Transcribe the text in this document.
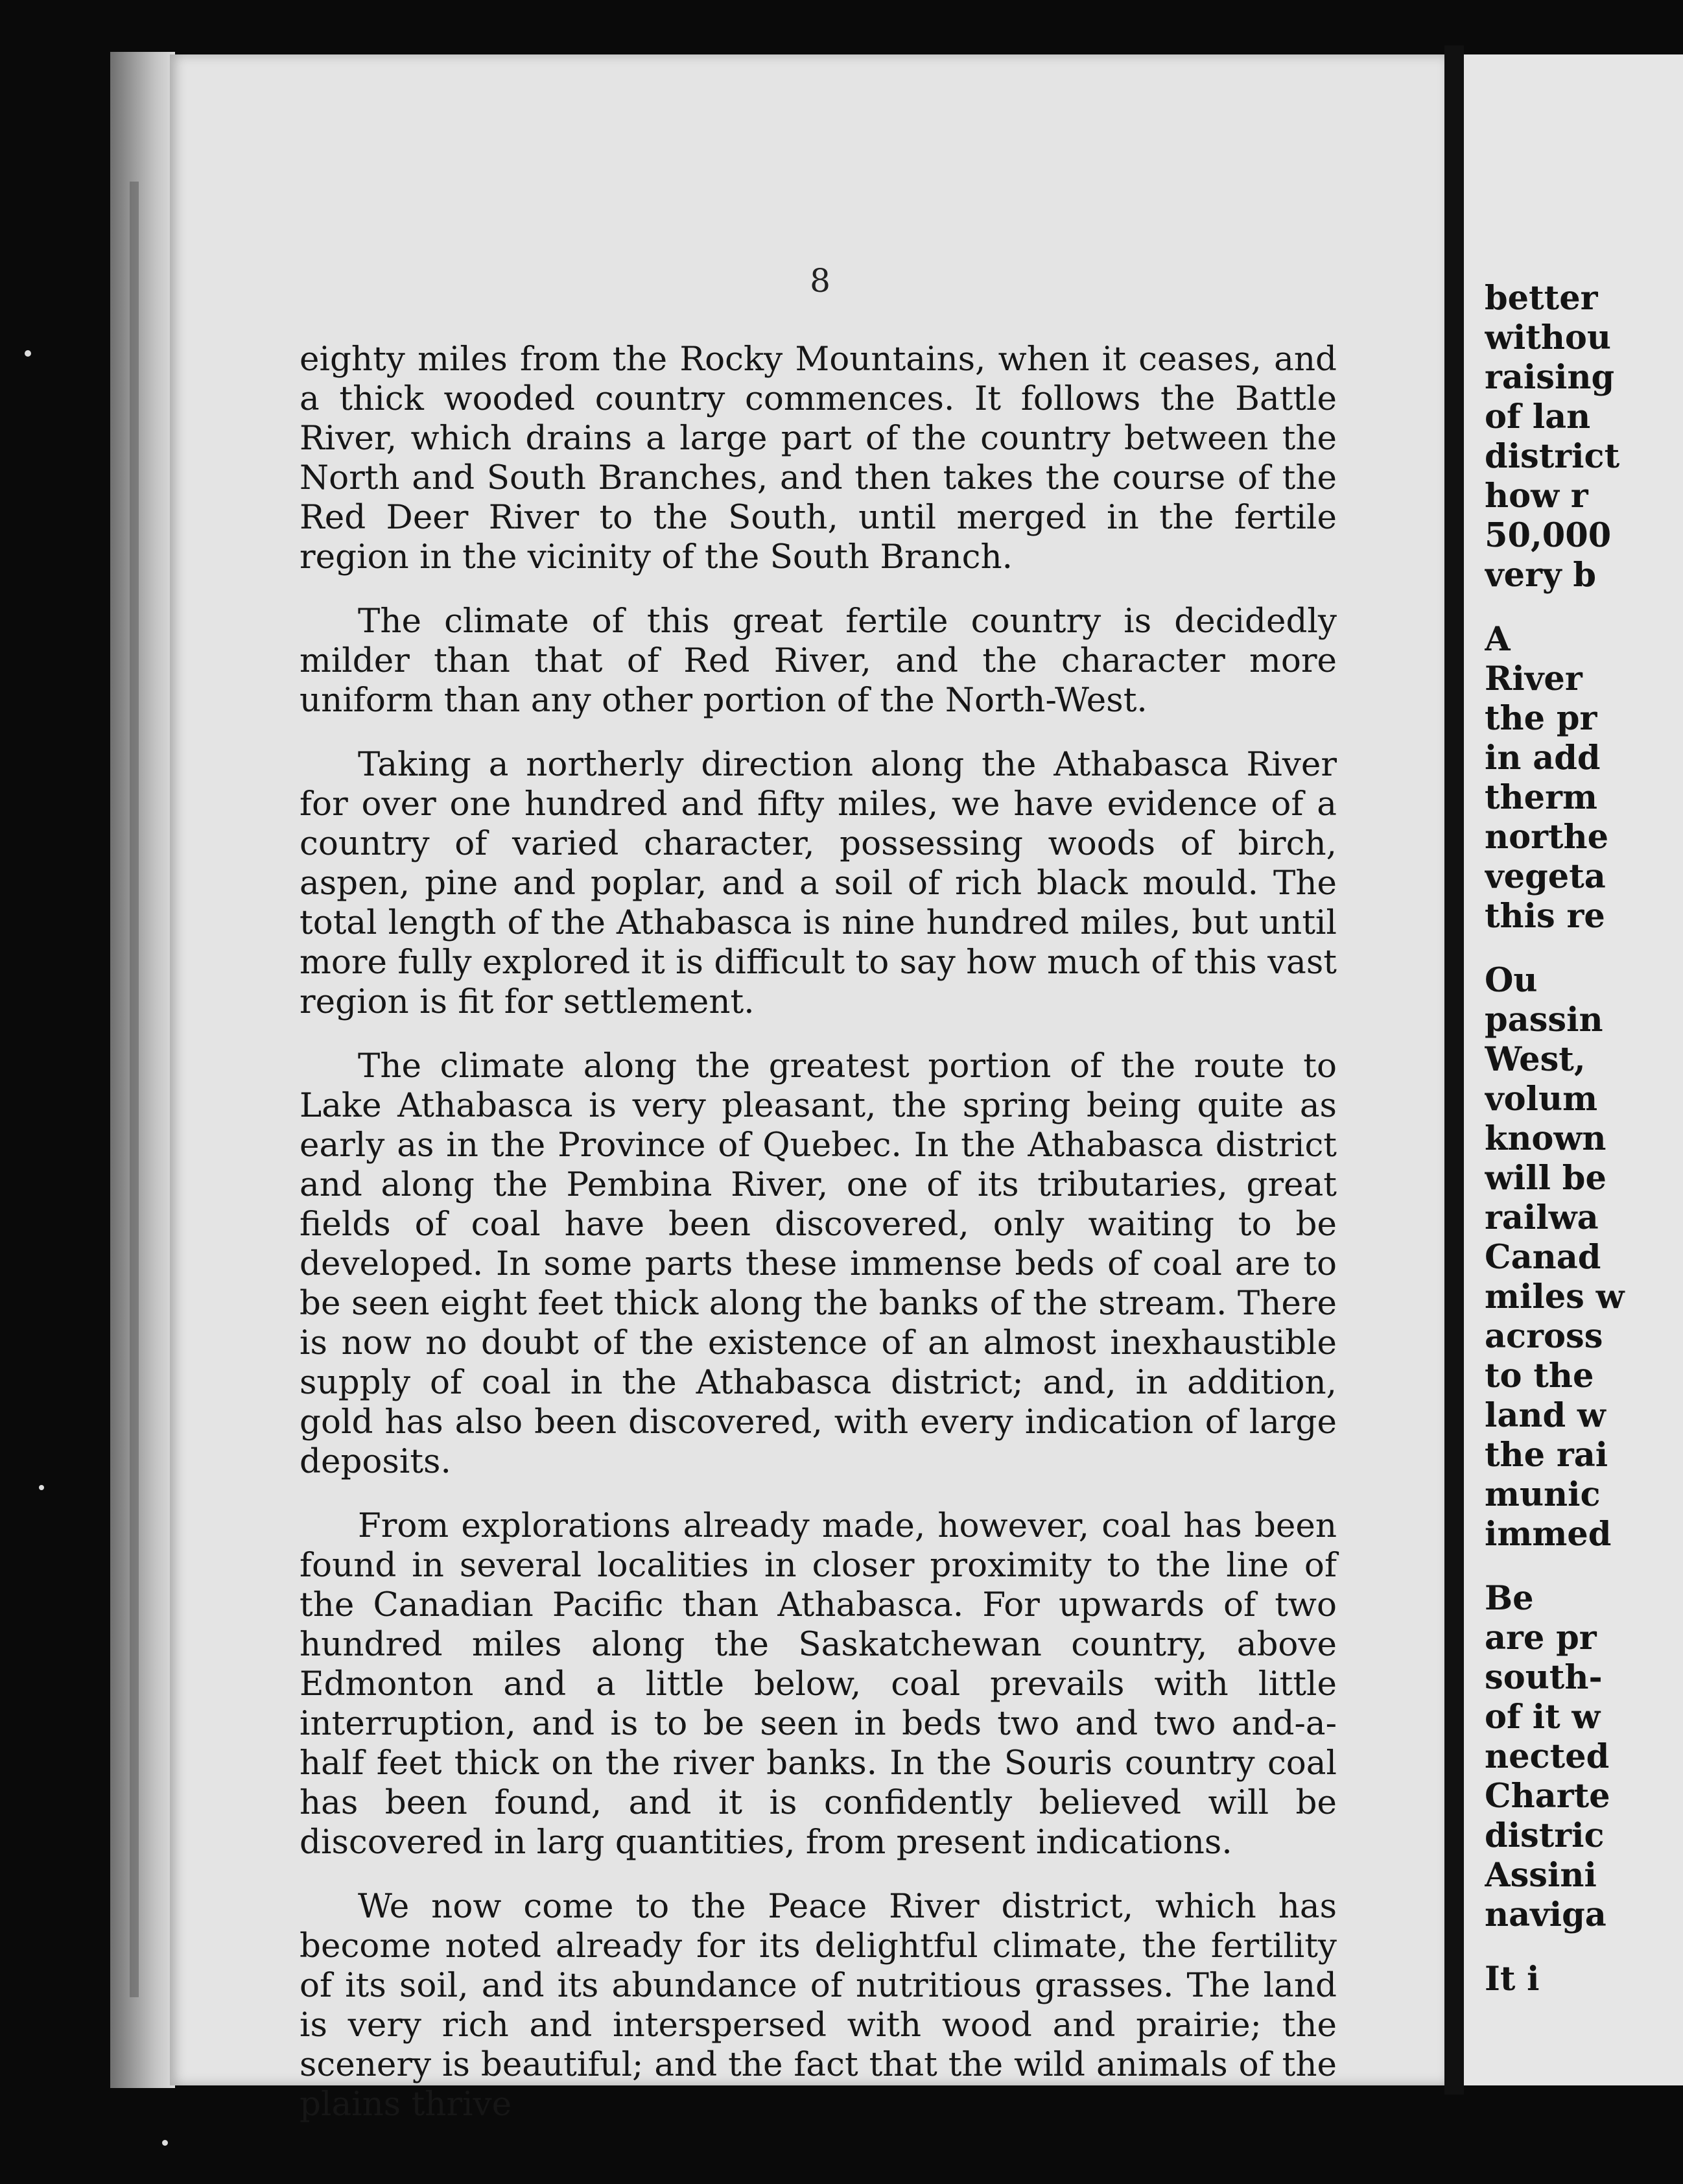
8

eighty miles from the Rocky Mountains, when it ceases, and a thick wooded country commences. It follows the Battle River, which drains a large part of the country between the North and South Branches, and then takes the course of the Red Deer River to the South, until merged in the fertile region in the vicinity of the South Branch.

The climate of this great fertile country is decidedly milder than that of Red River, and the character more uniform than any other portion of the North-West.

Taking a northerly direction along the Athabasca River for over one hundred and fifty miles, we have evidence of a country of varied character, possessing woods of birch, aspen, pine and poplar, and a soil of rich black mould. The total length of the Athabasca is nine hundred miles, but until more fully explored it is difficult to say how much of this vast region is fit for settlement.

The climate along the greatest portion of the route to Lake Athabasca is very pleasant, the spring being quite as early as in the Province of Quebec. In the Athabasca district and along the Pembina River, one of its tributaries, great fields of coal have been discovered, only waiting to be developed. In some parts these immense beds of coal are to be seen eight feet thick along the banks of the stream. There is now no doubt of the existence of an almost inexhaustible supply of coal in the Athabasca district; and, in addition, gold has also been discovered, with every indication of large deposits.

From explorations already made, however, coal has been found in several localities in closer proximity to the line of the Canadian Pacific than Athabasca. For upwards of two hundred miles along the Saskatchewan country, above Edmonton and a little below, coal prevails with little interruption, and is to be seen in beds two and two and-a-half feet thick on the river banks. In the Souris country coal has been found, and it is confidently believed will be discovered in larg quantities, from present indications.

We now come to the Peace River district, which has become noted already for its delightful climate, the fertility of its soil, and its abundance of nutritious grasses. The land is very rich and interspersed with wood and prairie; the scenery is beautiful; and the fact that the wild animals of the plains thrive

better
withou
raising
of lan
district
how r
50,000
very b
A
River
the pr
in add
therm
northe
vegeta
this re
Ou
passin
West,
volum
known
will be
railwa
Canad
miles w
across
to the
land w
the rai
munic
immed
Be
are pr
south-
of it w
nected
Charte
distric
Assini
naviga
It i
